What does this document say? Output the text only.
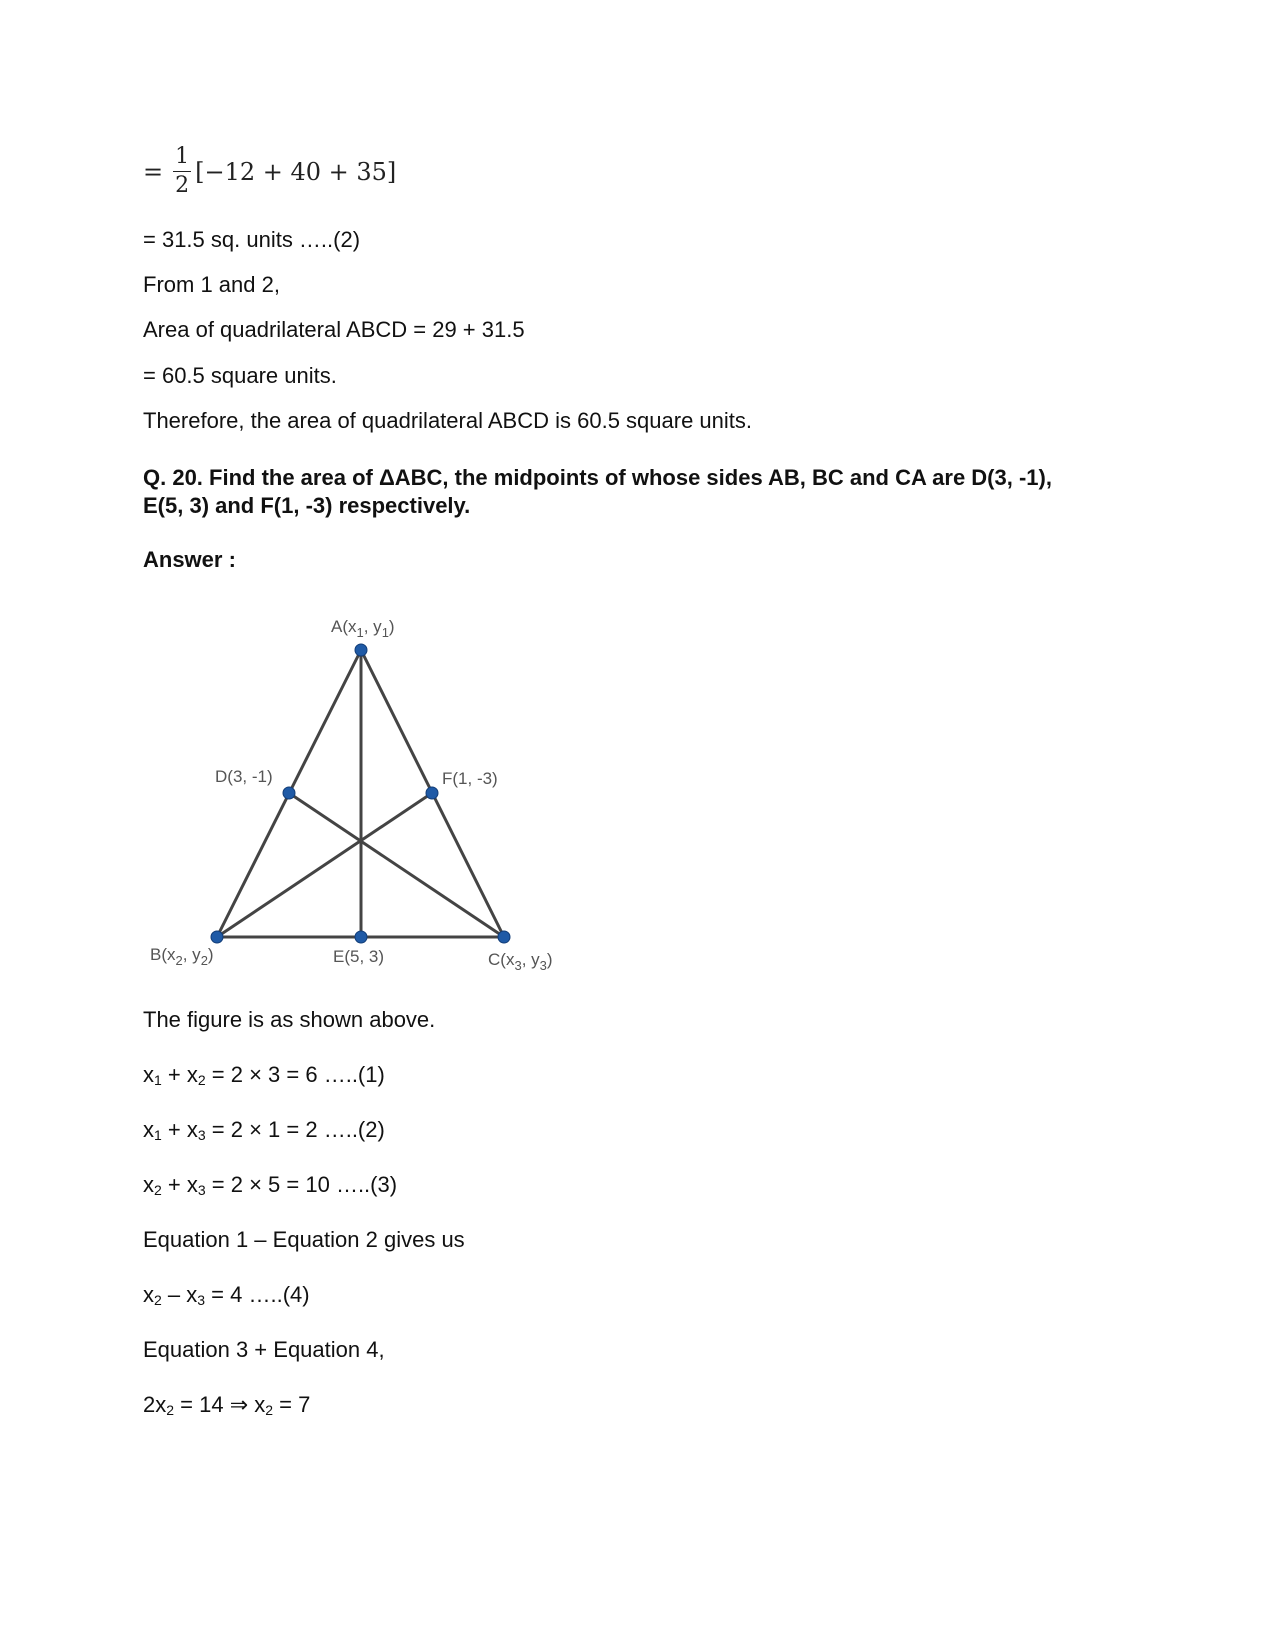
= $\frac{1}{2} [-12 + 40 + 35]$
= 31.5 sq. units …..(2)
From 1 and 2,
Area of quadrilateral ABCD = 29 + 31.5
= 60.5 square units.
Therefore, the area of quadrilateral ABCD is 60.5 square units.
Q. 20. Find the area of ΔABC, the midpoints of whose sides AB, BC and CA are D(3, -1), E(5, 3) and F(1, -3) respectively.
Answer :
$A(x_1$, $y_1$)
D(3, -1)	F(1, -3)
$B(x_2$, $y_2$)	E(5, 3)	$C(x_3$, $y_3$)
The figure is as shown above.
$x_1 + x_2 = 2 \times 3 = 6$ …..(1)
$x_1 + x_3 = 2 \times 1 = 2$ …..(2)
$x_2 + x_3 = 2 \times 5 = 10$ …..(3)
Equation 1 – Equation 2 gives us
$x_2 - x_3 = 4$ …..(4)
Equation 3 + Equation 4,
$2x_2 = 14$ ⇒ $x_2 = 7$
